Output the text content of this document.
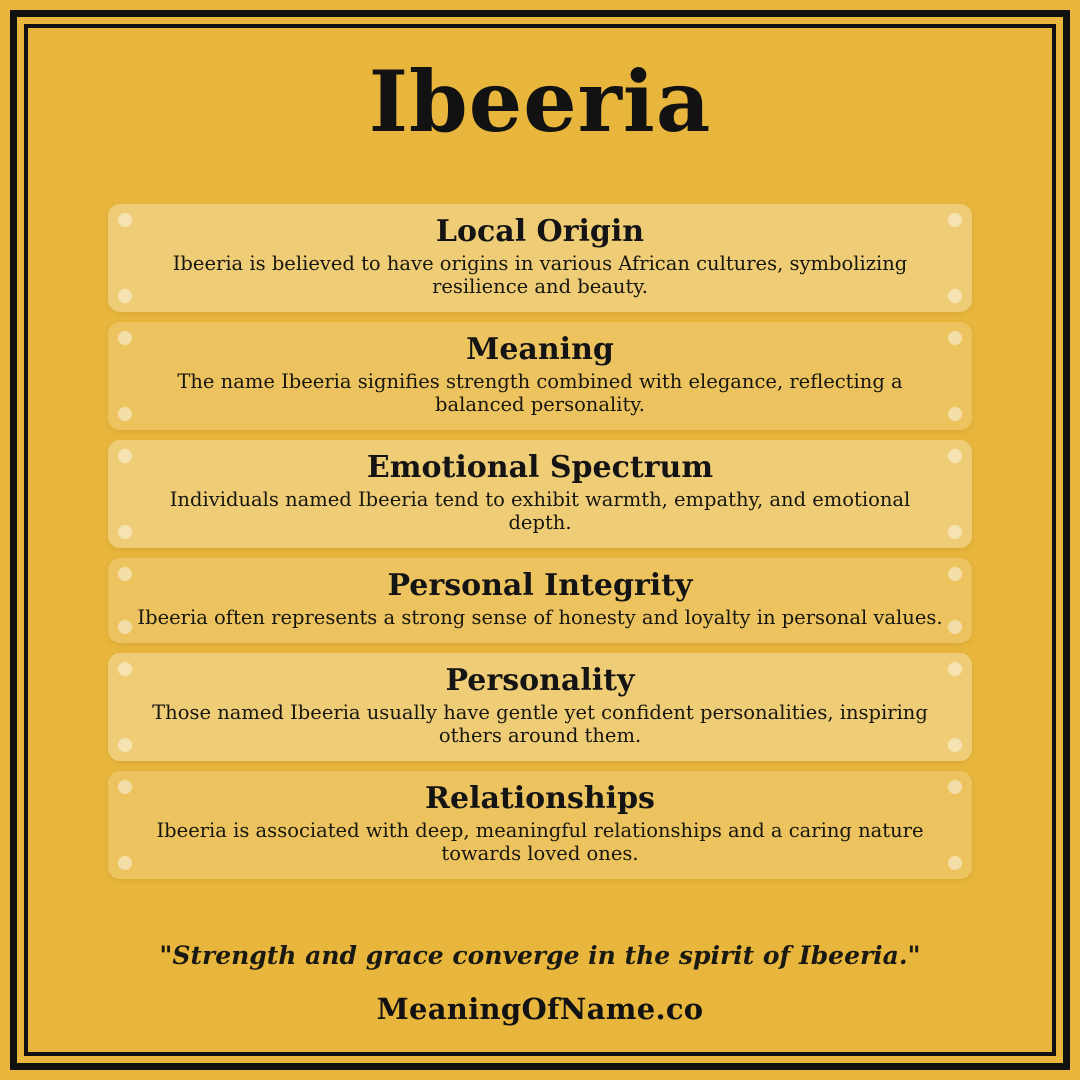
Ibeeria
Local Origin
Ibeeria is believed to have origins in various African cultures, symbolizing resilience and beauty.
Meaning
The name Ibeeria signifies strength combined with elegance, reflecting a balanced personality.
Emotional Spectrum
Individuals named Ibeeria tend to exhibit warmth, empathy, and emotional depth.
Personal Integrity
Ibeeria often represents a strong sense of honesty and loyalty in personal values.
Personality
Those named Ibeeria usually have gentle yet confident personalities, inspiring others around them.
Relationships
Ibeeria is associated with deep, meaningful relationships and a caring nature towards loved ones.
"Strength and grace converge in the spirit of Ibeeria."
MeaningOfName.co
